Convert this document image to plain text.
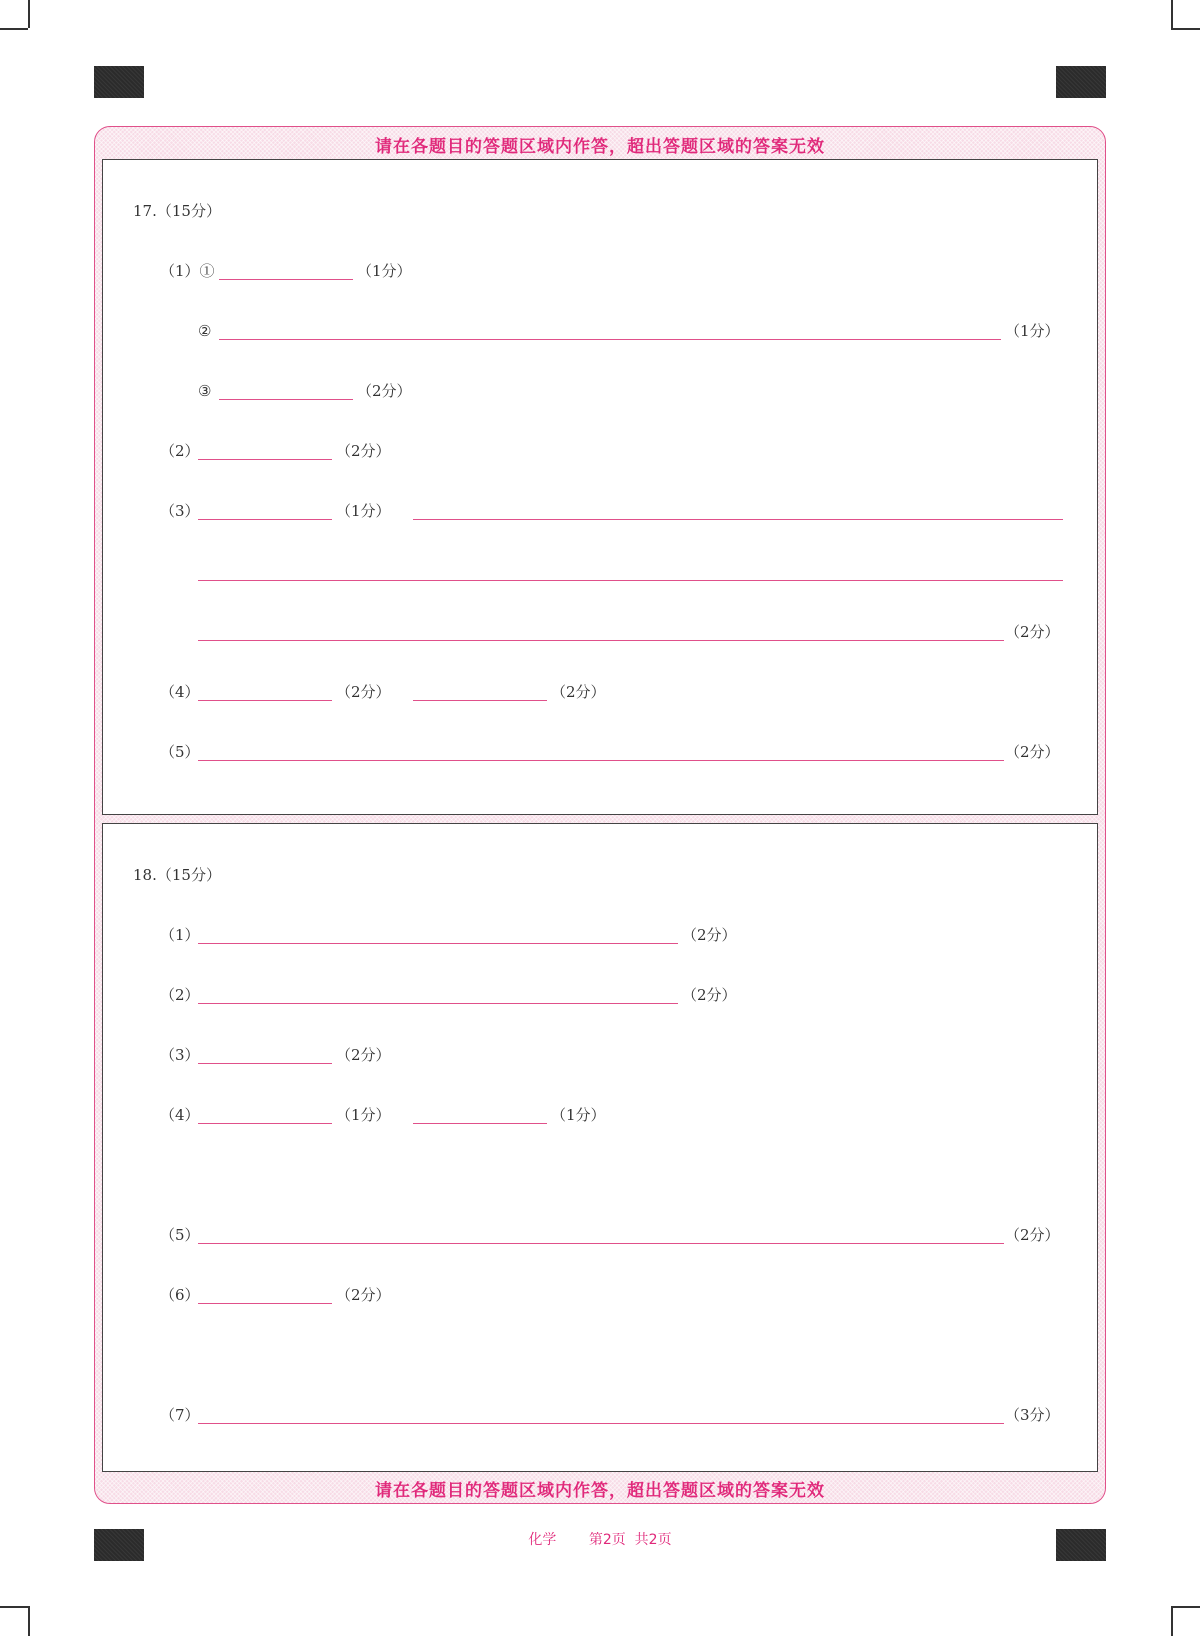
请在各题目的答题区域内作答，超出答题区域的答案无效
请在各题目的答题区域内作答，超出答题区域的答案无效
17.（15分）
（1）①	（1分）
②	（1分）
③	（2分）
（2）	（2分）
（3）	（1分）
（2分）
（4）	（2分）	（2分）
（5）	（2分）
18.（15分）
（1）	（2分）
（2）	（2分）
（3）	（2分）
（4）	（1分）	（1分）
（5）	（2分）
（6）	（2分）
（7）	（3分）
化学 第2页  共2页
